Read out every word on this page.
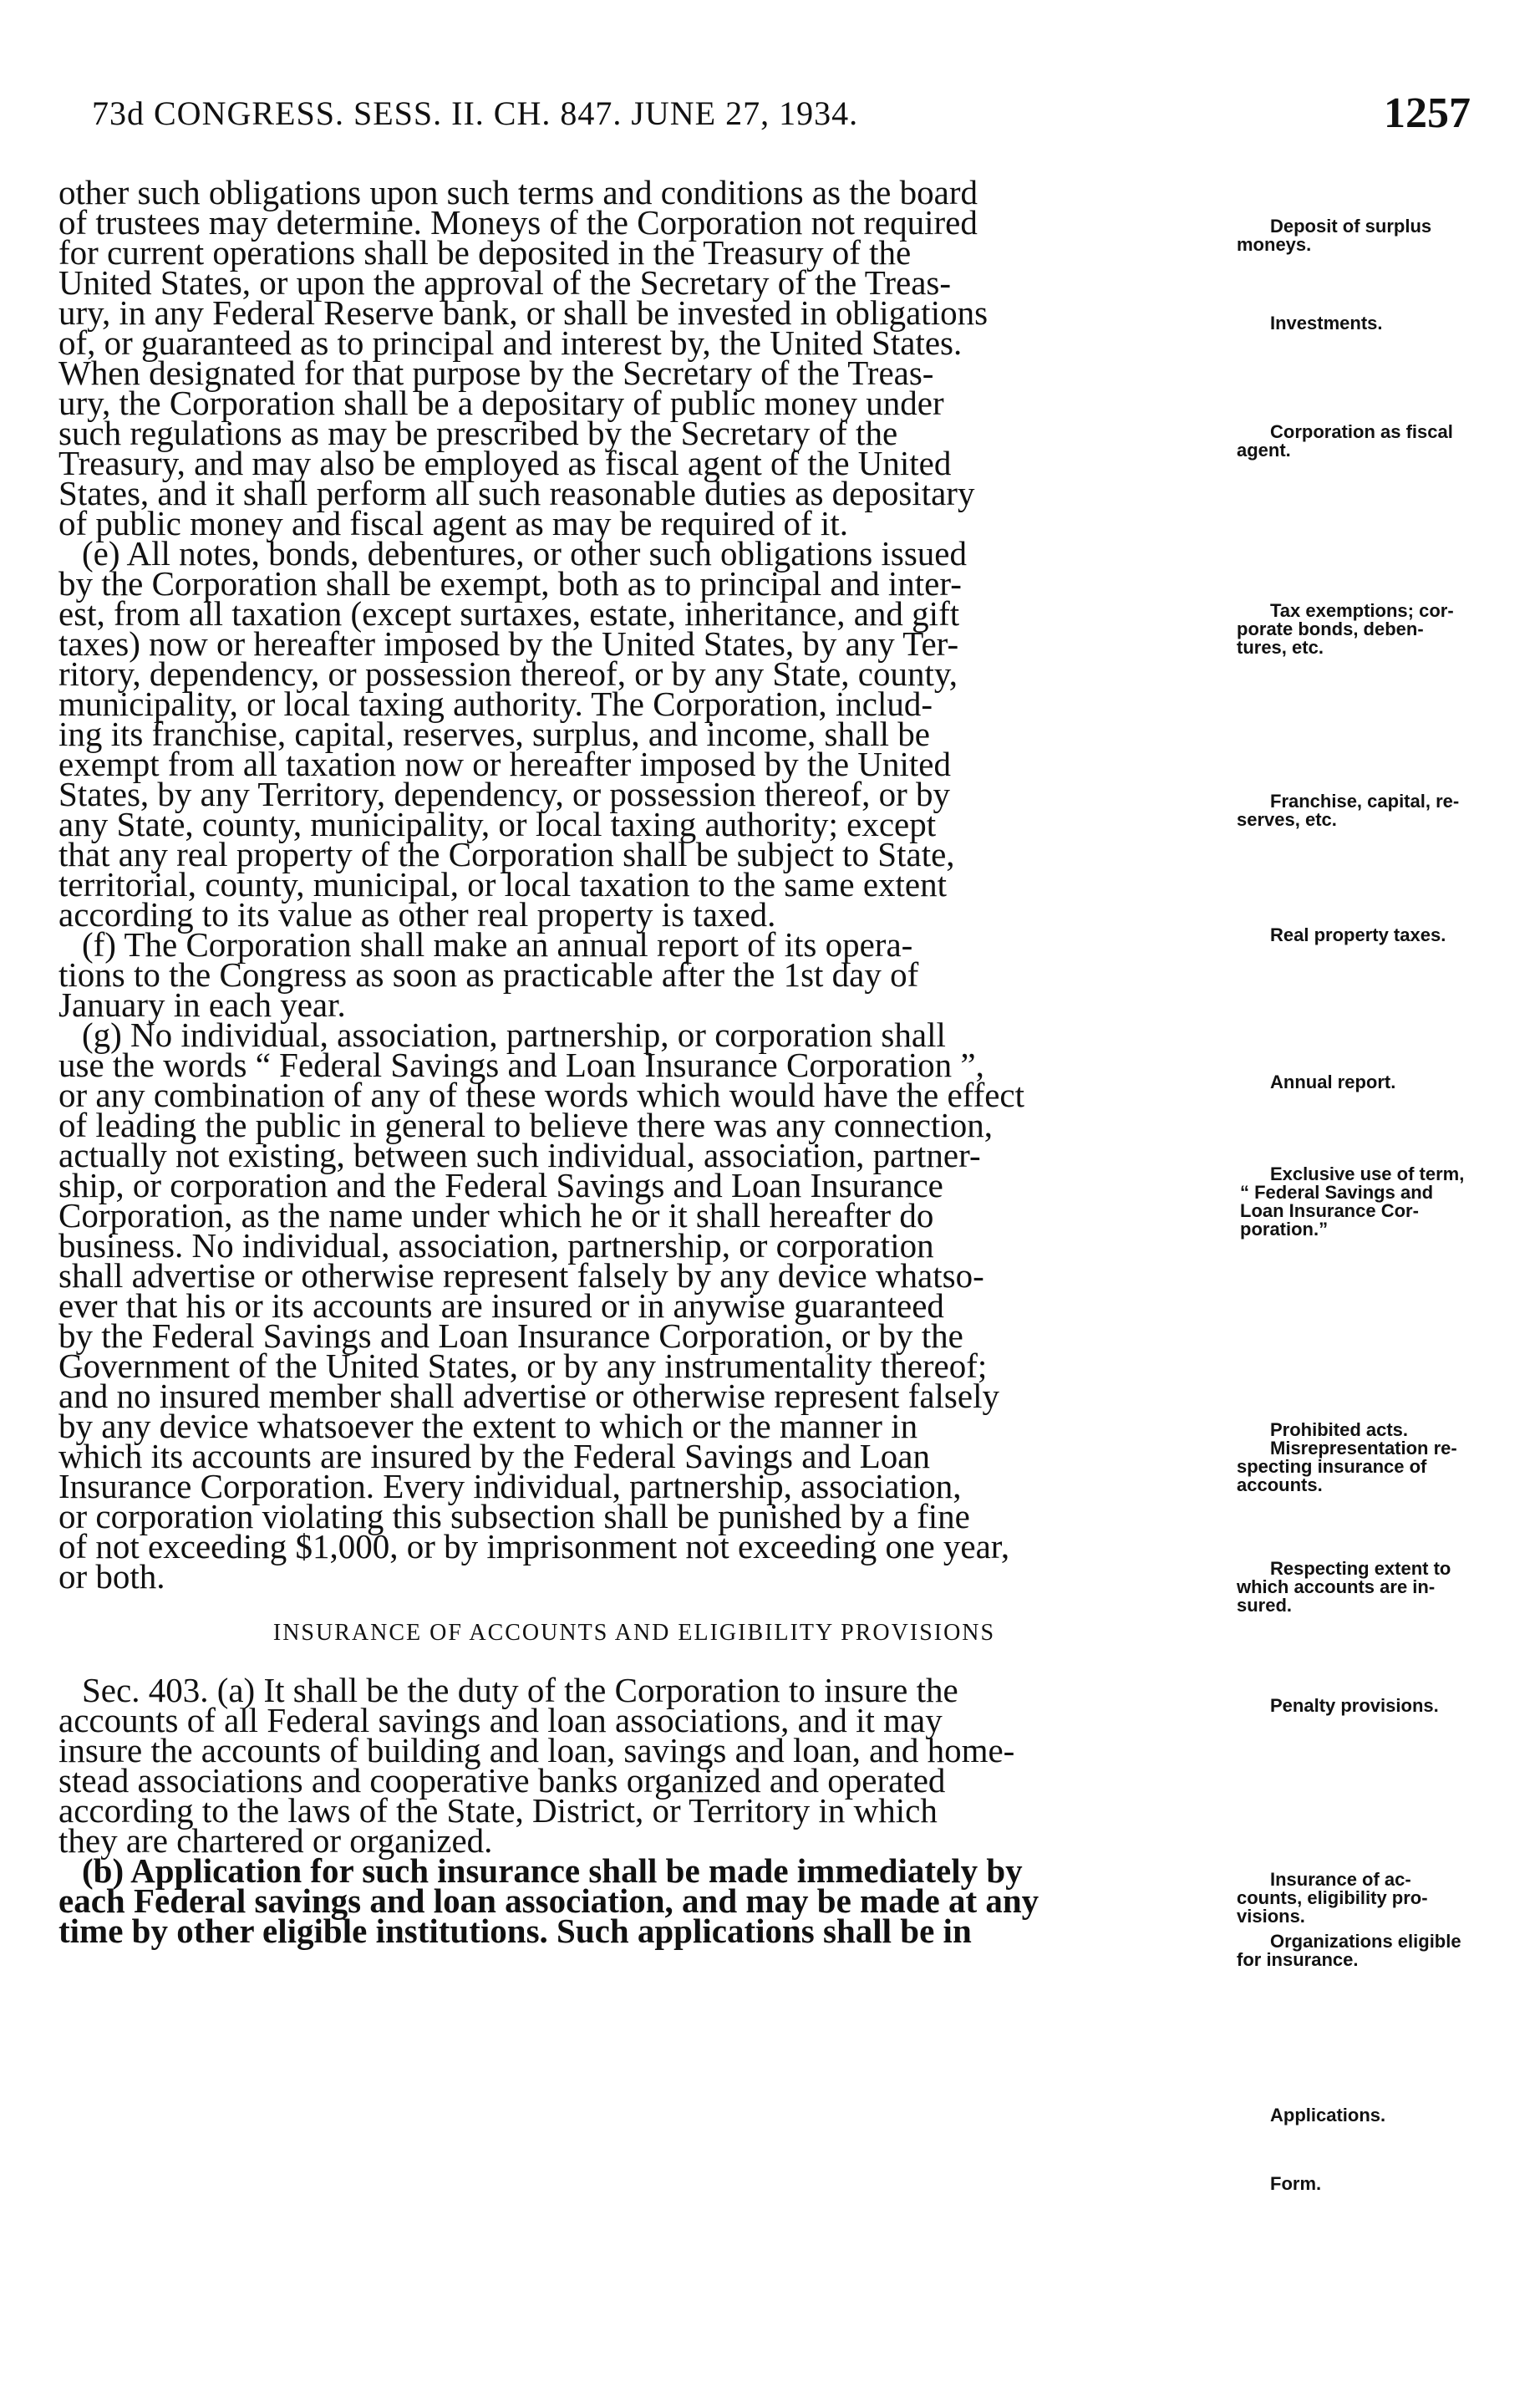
73d CONGRESS. SESS. II. CH. 847. JUNE 27, 1934.	1257
other such obligations upon such terms and conditions as the board
of trustees may determine. Moneys of the Corporation not required
for current operations shall be deposited in the Treasury of the
United States, or upon the approval of the Secretary of the Treas-
ury, in any Federal Reserve bank, or shall be invested in obligations
of, or guaranteed as to principal and interest by, the United States.
When designated for that purpose by the Secretary of the Treas-
ury, the Corporation shall be a depositary of public money under
such regulations as may be prescribed by the Secretary of the
Treasury, and may also be employed as fiscal agent of the United
States, and it shall perform all such reasonable duties as depositary
of public money and fiscal agent as may be required of it.
(e) All notes, bonds, debentures, or other such obligations issued
by the Corporation shall be exempt, both as to principal and inter-
est, from all taxation (except surtaxes, estate, inheritance, and gift
taxes) now or hereafter imposed by the United States, by any Ter-
ritory, dependency, or possession thereof, or by any State, county,
municipality, or local taxing authority. The Corporation, includ-
ing its franchise, capital, reserves, surplus, and income, shall be
exempt from all taxation now or hereafter imposed by the United
States, by any Territory, dependency, or possession thereof, or by
any State, county, municipality, or local taxing authority; except
that any real property of the Corporation shall be subject to State,
territorial, county, municipal, or local taxation to the same extent
according to its value as other real property is taxed.
(f) The Corporation shall make an annual report of its opera-
tions to the Congress as soon as practicable after the 1st day of
January in each year.
(g) No individual, association, partnership, or corporation shall
use the words “ Federal Savings and Loan Insurance Corporation ”,
or any combination of any of these words which would have the effect
of leading the public in general to believe there was any connection,
actually not existing, between such individual, association, partner-
ship, or corporation and the Federal Savings and Loan Insurance
Corporation, as the name under which he or it shall hereafter do
business. No individual, association, partnership, or corporation
shall advertise or otherwise represent falsely by any device whatso-
ever that his or its accounts are insured or in anywise guaranteed
by the Federal Savings and Loan Insurance Corporation, or by the
Government of the United States, or by any instrumentality thereof;
and no insured member shall advertise or otherwise represent falsely
by any device whatsoever the extent to which or the manner in
which its accounts are insured by the Federal Savings and Loan
Insurance Corporation. Every individual, partnership, association,
or corporation violating this subsection shall be punished by a fine
of not exceeding $1,000, or by imprisonment not exceeding one year,
or both.
INSURANCE OF ACCOUNTS AND ELIGIBILITY PROVISIONS
Sec. 403. (a) It shall be the duty of the Corporation to insure the
accounts of all Federal savings and loan associations, and it may
insure the accounts of building and loan, savings and loan, and home-
stead associations and cooperative banks organized and operated
according to the laws of the State, District, or Territory in which
they are chartered or organized.
(b) Application for such insurance shall be made immediately by
each Federal savings and loan association, and may be made at any
time by other eligible institutions. Such applications shall be in
Deposit of surplus
moneys.
Investments.
Corporation as fiscal
agent.
Tax exemptions; cor-
porate bonds, deben-
tures, etc.
Franchise, capital, re-
serves, etc.
Real property taxes.
Annual report.
Exclusive use of term,
“ Federal Savings and
Loan Insurance Cor-
poration.”
Prohibited acts.
Misrepresentation re-
specting insurance of
accounts.
Respecting extent to
which accounts are in-
sured.
Penalty provisions.
Insurance of ac-
counts, eligibility pro-
visions.
Organizations eligible
for insurance.
Applications.
Form.
